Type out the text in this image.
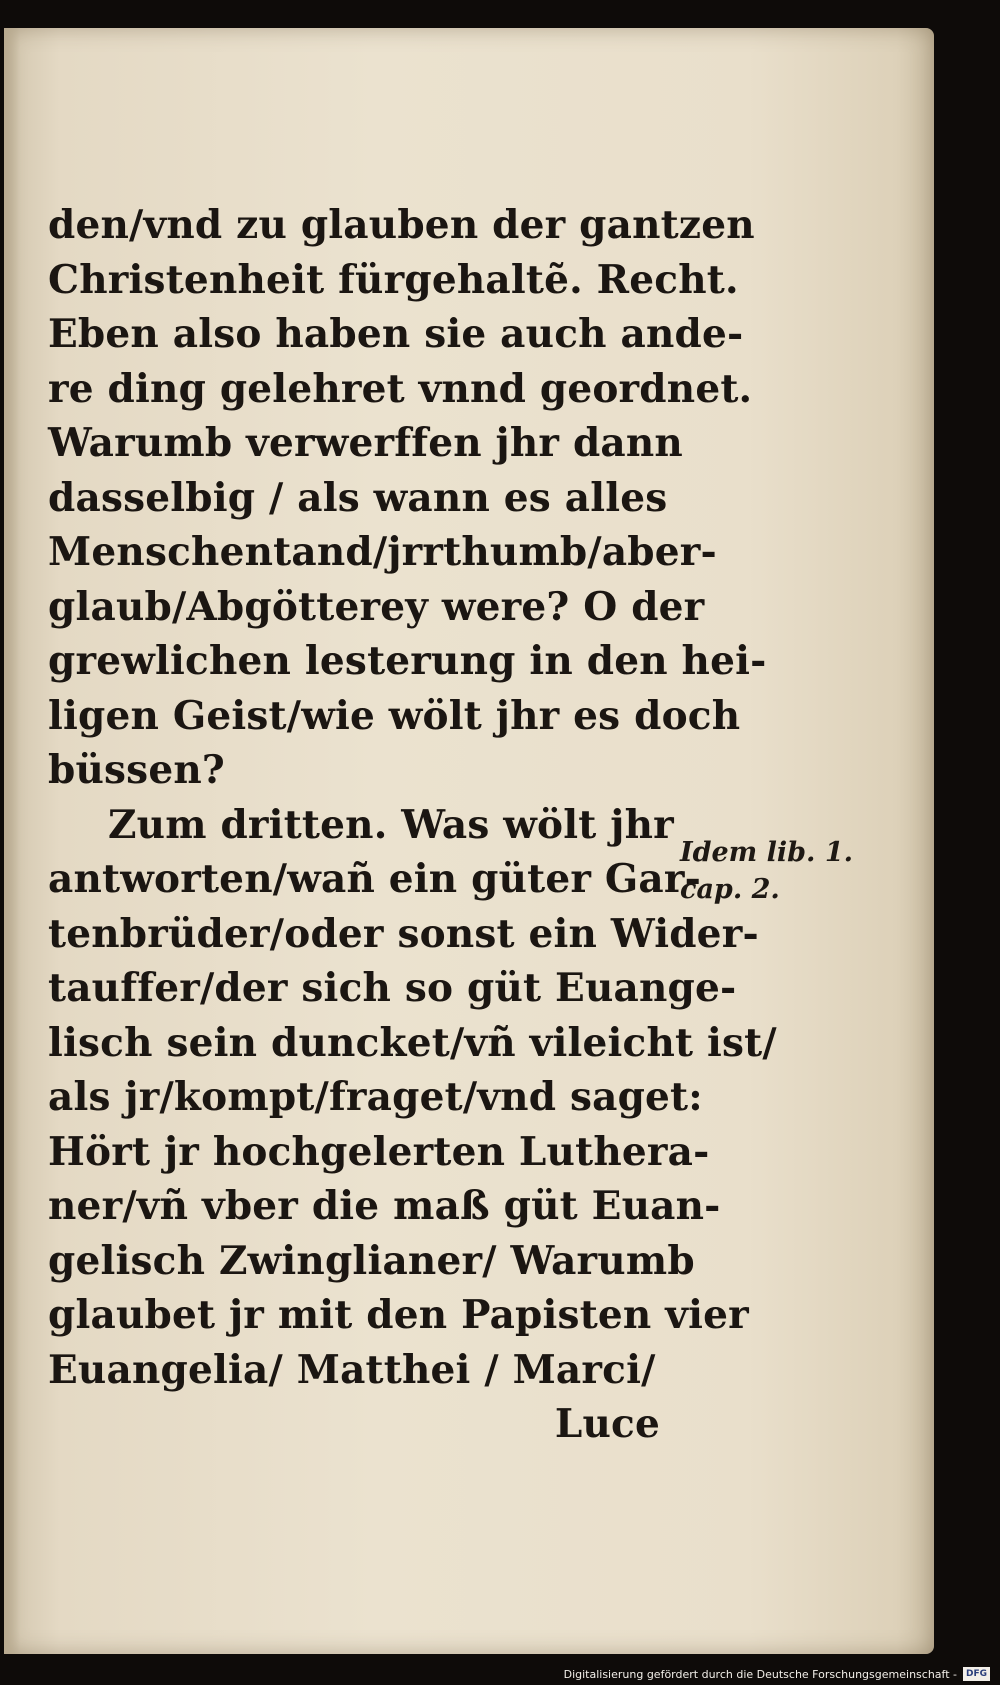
den/vnd zu glauben der gantzen
Christenheit fürgehaltẽ. Recht.
Eben also haben sie auch ande-
re ding gelehret vnnd geordnet.
Warumb verwerffen jhr dann
dasselbig / als wann es alles
Menschentand/jrrthumb/aber-
glaub/Abgötterey were? O der
grewlichen lesterung in den hei-
ligen Geist/wie wölt jhr es doch
büssen?
Zum dritten. Was wölt jhr
antworten/wañ ein güter Gar-
tenbrüder/oder sonst ein Wider-
tauffer/der sich so güt Euange-
lisch sein duncket/vñ vileicht ist/
als jr/kompt/fraget/vnd saget:
Hört jr hochgelerten Luthera-
ner/vñ vber die maß güt Euan-
gelisch Zwinglianer/ Warumb
glaubet jr mit den Papisten vier
Euangelia/ Matthei / Marci/
Luce
Idem lib. 1.
cap. 2.
Digitalisierung gefördert durch die Deutsche Forschungsgemeinschaft -	DFG
